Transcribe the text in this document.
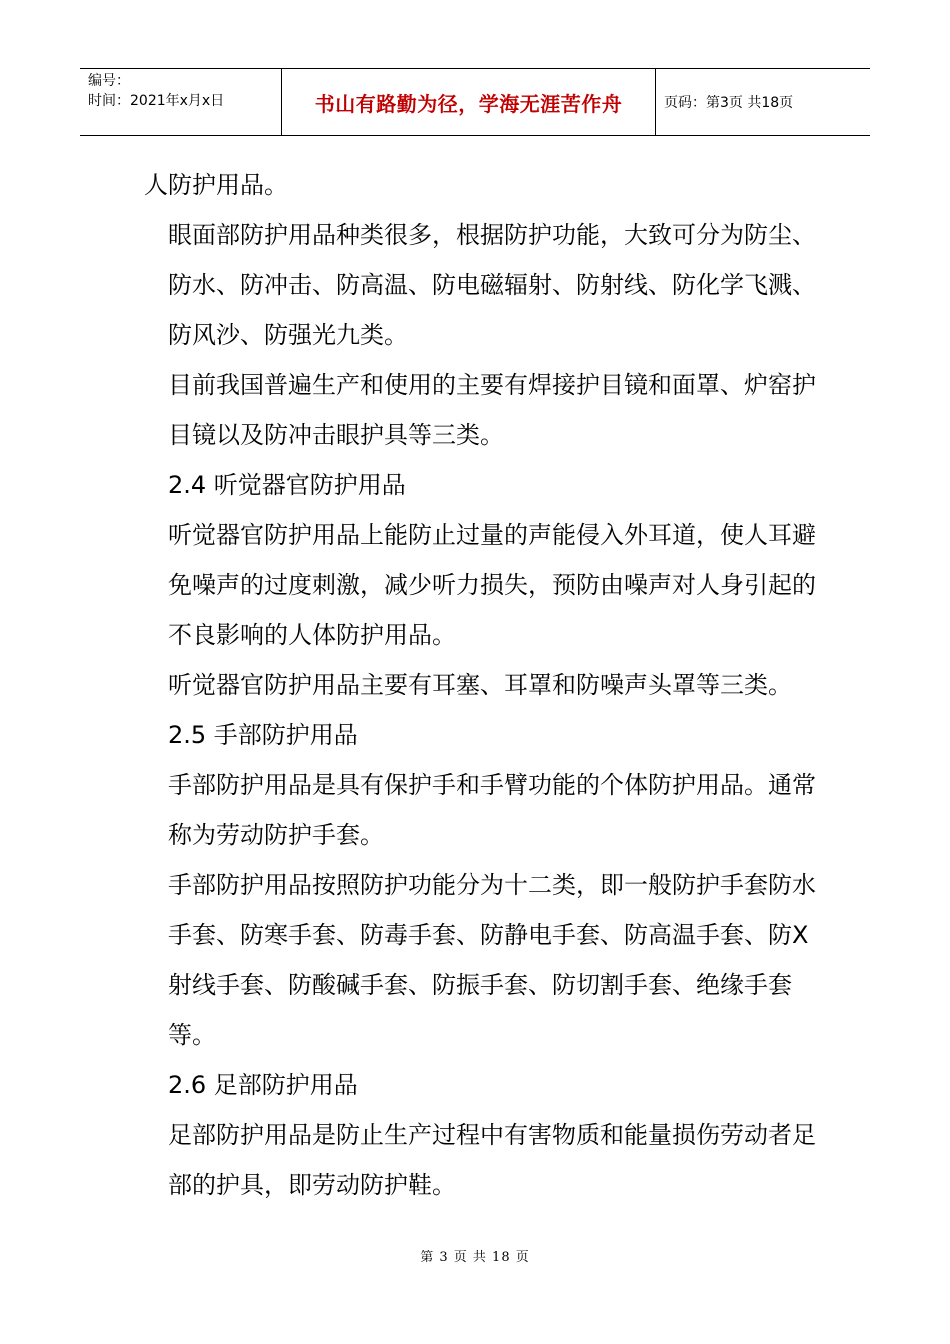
编号：
时间：2021年x月x日	书山有路勤为径，学海无涯苦作舟	页码：第3页 共18页

人防护用品。

眼面部防护用品种类很多，根据防护功能，大致可分为防尘、防水、防冲击、防高温、防电磁辐射、防射线、防化学飞溅、防风沙、防强光九类。

目前我国普遍生产和使用的主要有焊接护目镜和面罩、炉窑护目镜以及防冲击眼护具等三类。

2.4 听觉器官防护用品

听觉器官防护用品上能防止过量的声能侵入外耳道，使人耳避免噪声的过度刺激，减少听力损失，预防由噪声对人身引起的不良影响的人体防护用品。

听觉器官防护用品主要有耳塞、耳罩和防噪声头罩等三类。

2.5 手部防护用品

手部防护用品是具有保护手和手臂功能的个体防护用品。通常称为劳动防护手套。

手部防护用品按照防护功能分为十二类，即一般防护手套防水手套、防寒手套、防毒手套、防静电手套、防高温手套、防X射线手套、防酸碱手套、防振手套、防切割手套、绝缘手套等。

2.6 足部防护用品

足部防护用品是防止生产过程中有害物质和能量损伤劳动者足部的护具，即劳动防护鞋。

第 3 页 共 18 页
